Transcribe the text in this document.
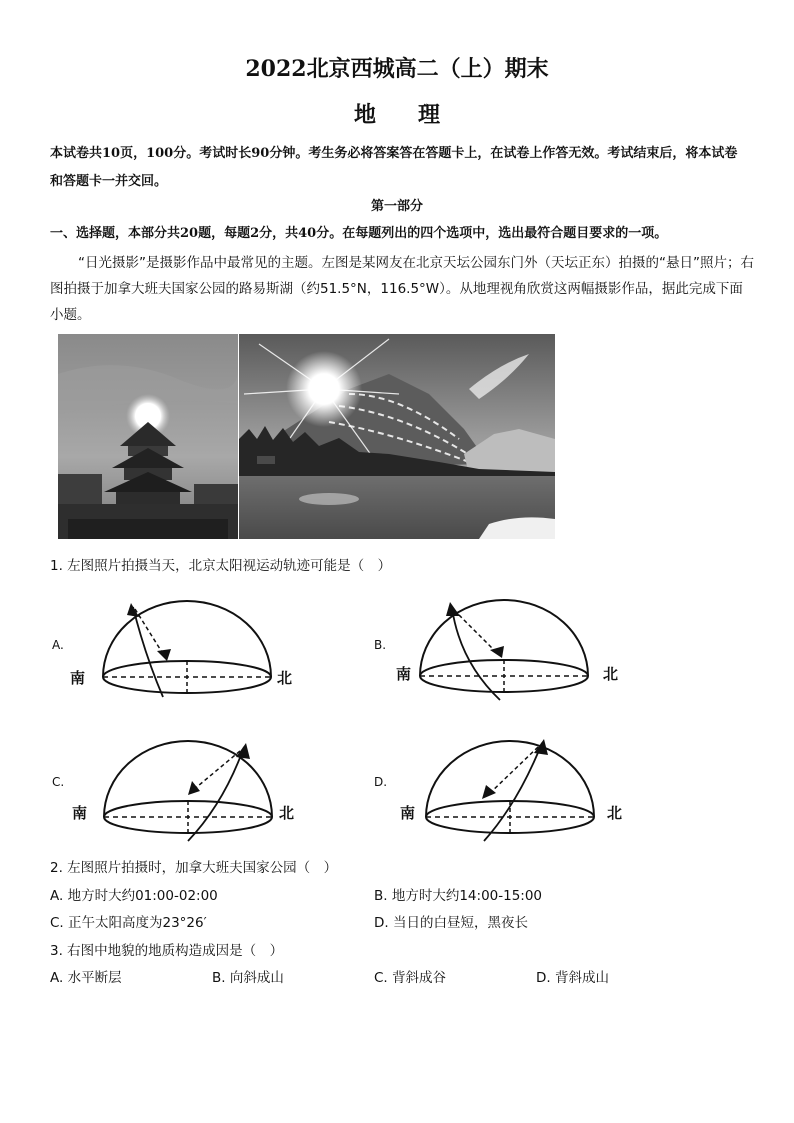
2022北京西城高二（上）期末
地 理
本试卷共10页，100分。考试时长90分钟。考生务必将答案答在答题卡上，在试卷上作答无效。考试结束后，将本试卷和答题卡一并交回。
第一部分
一、选择题，本部分共20题，每题2分，共40分。在每题列出的四个选项中，选出最符合题目要求的一项。
“日光摄影”是摄影作品中最常见的主题。左图是某网友在北京天坛公园东门外（天坛正东）拍摄的“悬日”照片；右图拍摄于加拿大班夫国家公园的路易斯湖（约51.5°N，116.5°W）。从地理视角欣赏这两幅摄影作品，据此完成下面小题。
1. 左图照片拍摄当天，北京太阳视运动轨迹可能是（　）
A.
南	北
B.
南	北
C.
南	北
D.
南	北
2. 左图照片拍摄时，加拿大班夫国家公园（　）
A. 地方时大约01:00-02:00	B. 地方时大约14:00-15:00
C. 正午太阳高度为23°26′	D. 当日的白昼短，黑夜长
3. 右图中地貌的地质构造成因是（　）
A. 水平断层	B. 向斜成山	C. 背斜成谷	D. 背斜成山
